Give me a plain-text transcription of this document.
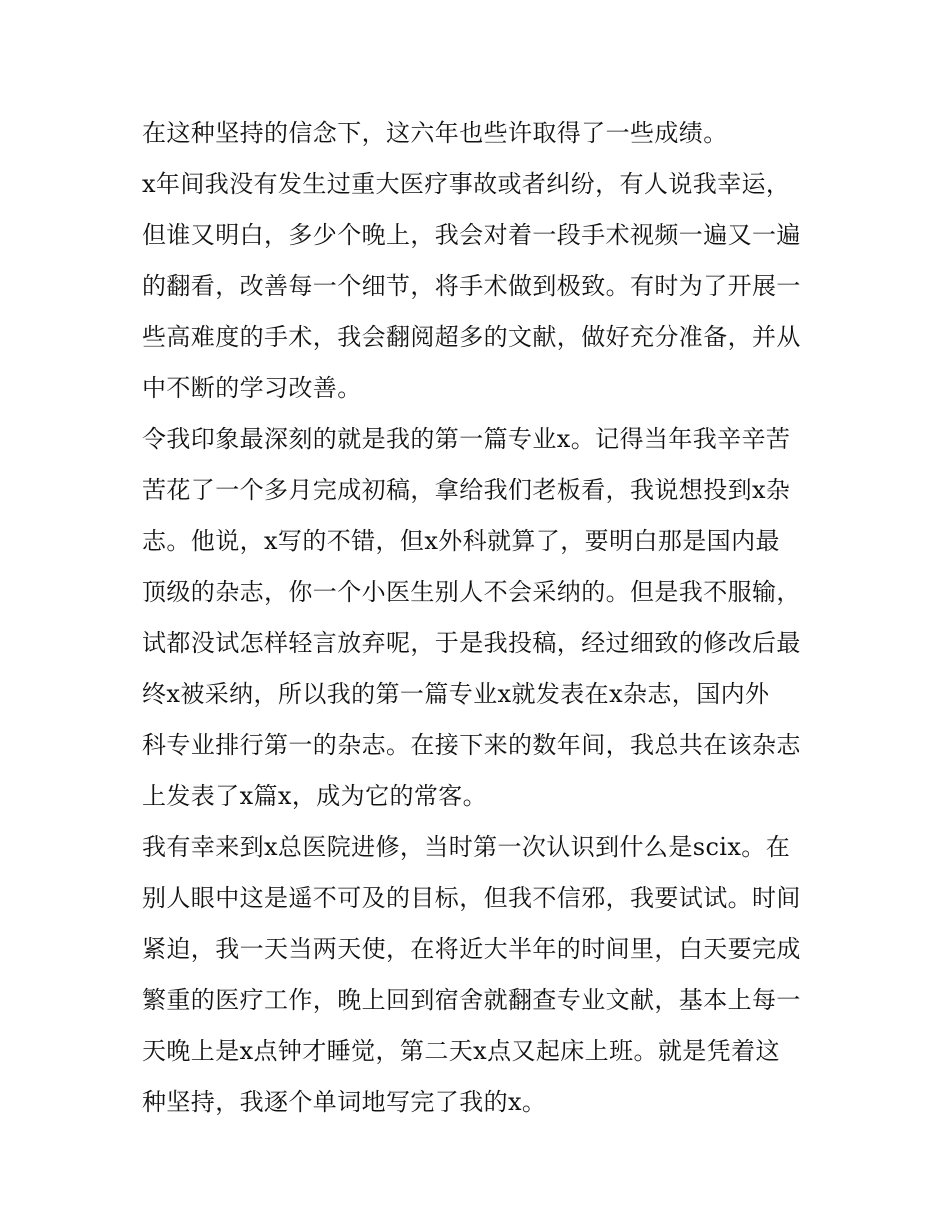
在这种坚持的信念下，这六年也些许取得了一些成绩。
x年间我没有发生过重大医疗事故或者纠纷，有人说我幸运，
但谁又明白，多少个晚上，我会对着一段手术视频一遍又一遍
的翻看，改善每一个细节，将手术做到极致。有时为了开展一
些高难度的手术，我会翻阅超多的文献，做好充分准备，并从
中不断的学习改善。
令我印象最深刻的就是我的第一篇专业x。记得当年我辛辛苦
苦花了一个多月完成初稿，拿给我们老板看，我说想投到x杂
志。他说，x写的不错，但x外科就算了，要明白那是国内最
顶级的杂志，你一个小医生别人不会采纳的。但是我不服输，
试都没试怎样轻言放弃呢，于是我投稿，经过细致的修改后最
终x被采纳，所以我的第一篇专业x就发表在x杂志，国内外
科专业排行第一的杂志。在接下来的数年间，我总共在该杂志
上发表了x篇x，成为它的常客。
我有幸来到x总医院进修，当时第一次认识到什么是scix。在
别人眼中这是遥不可及的目标，但我不信邪，我要试试。时间
紧迫，我一天当两天使，在将近大半年的时间里，白天要完成
繁重的医疗工作，晚上回到宿舍就翻查专业文献，基本上每一
天晚上是x点钟才睡觉，第二天x点又起床上班。就是凭着这
种坚持，我逐个单词地写完了我的x。
